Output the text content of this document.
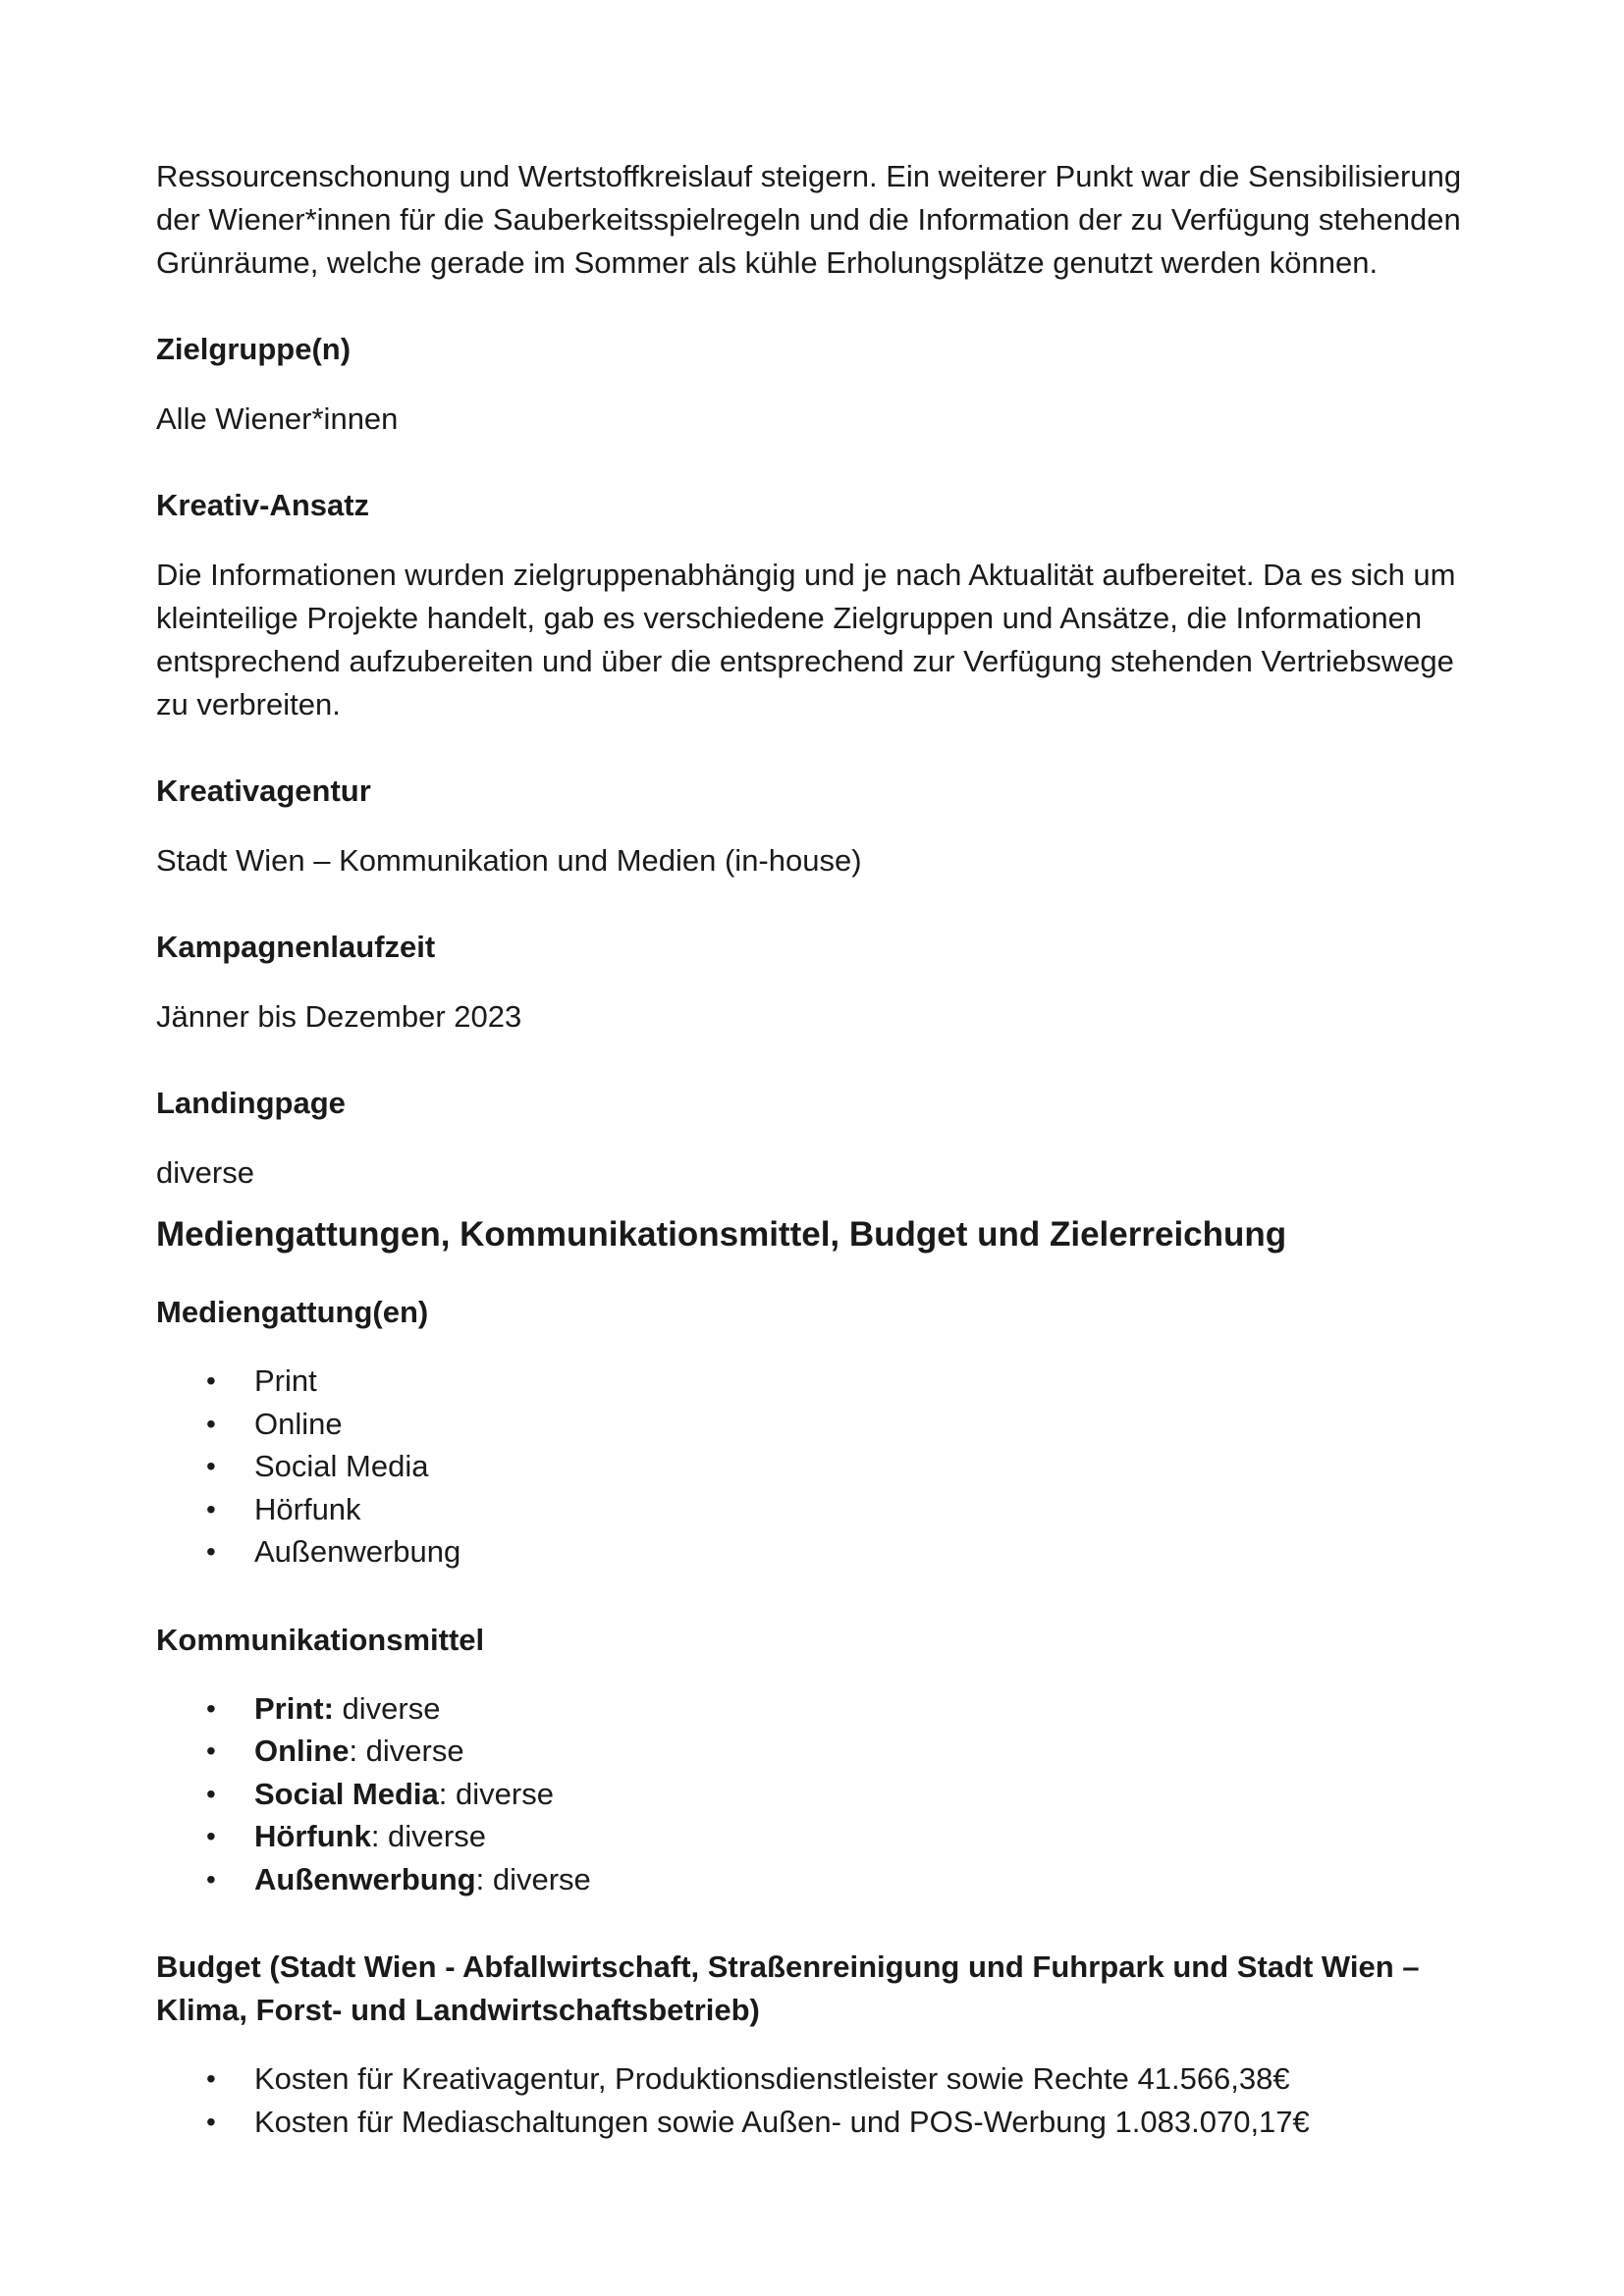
Ressourcenschonung und Wertstoffkreislauf steigern. Ein weiterer Punkt war die Sensibilisierung der Wiener*innen für die Sauberkeitsspielregeln und die Information der zu Verfügung stehenden Grünräume, welche gerade im Sommer als kühle Erholungsplätze genutzt werden können.

Zielgruppe(n)

Alle Wiener*innen

Kreativ-Ansatz

Die Informationen wurden zielgruppenabhängig und je nach Aktualität aufbereitet. Da es sich um kleinteilige Projekte handelt, gab es verschiedene Zielgruppen und Ansätze, die Informationen entsprechend aufzubereiten und über die entsprechend zur Verfügung stehenden Vertriebswege zu verbreiten.

Kreativagentur

Stadt Wien – Kommunikation und Medien (in-house)

Kampagnenlaufzeit

Jänner bis Dezember 2023

Landingpage

diverse

Mediengattungen, Kommunikationsmittel, Budget und Zielerreichung

Mediengattung(en)

• Print
• Online
• Social Media
• Hörfunk
• Außenwerbung

Kommunikationsmittel

• Print: diverse
• Online: diverse
• Social Media: diverse
• Hörfunk: diverse
• Außenwerbung: diverse

Budget (Stadt Wien - Abfallwirtschaft, Straßenreinigung und Fuhrpark und Stadt Wien – Klima, Forst- und Landwirtschaftsbetrieb)

• Kosten für Kreativagentur, Produktionsdienstleister sowie Rechte 41.566,38€
• Kosten für Mediaschaltungen sowie Außen- und POS-Werbung 1.083.070,17€
